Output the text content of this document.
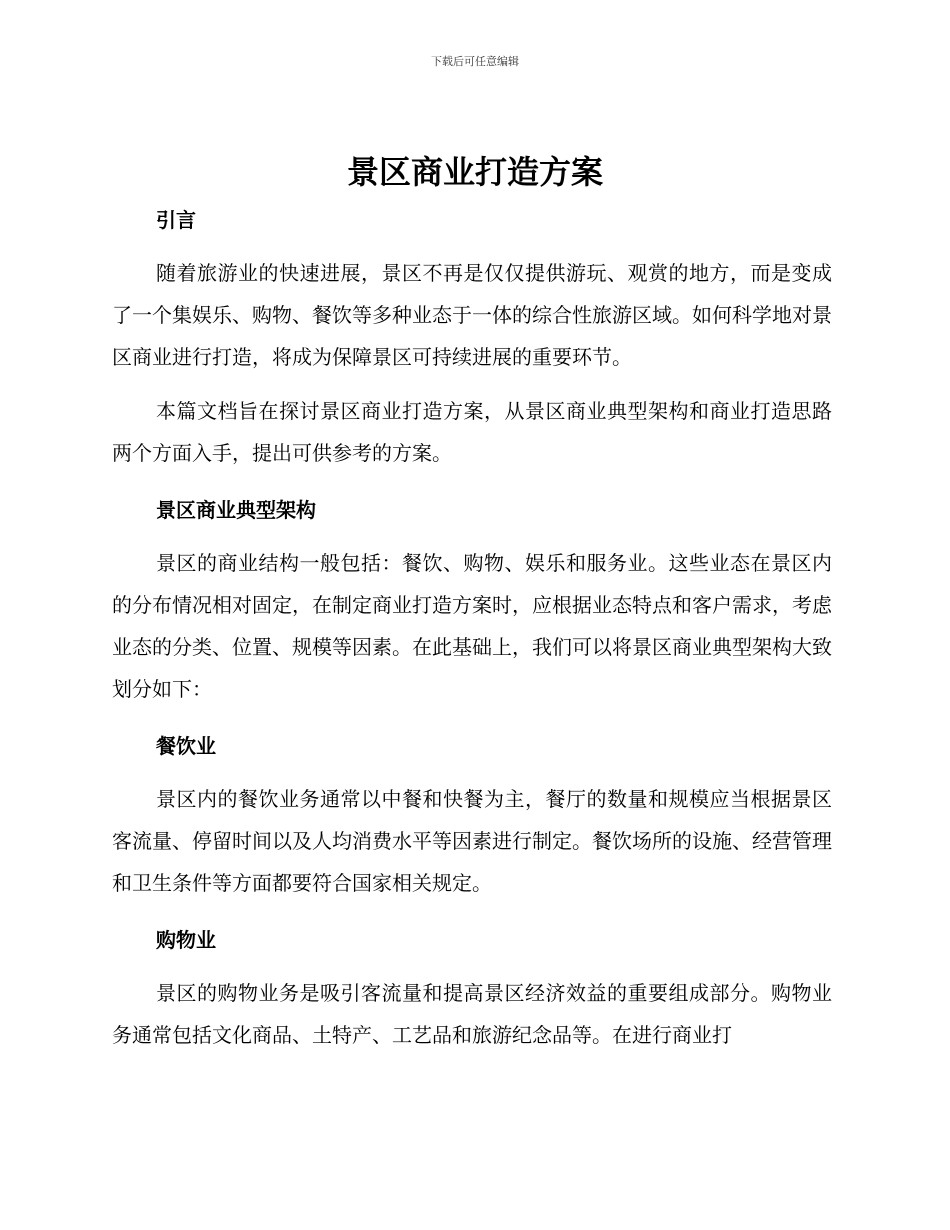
下载后可任意编辑
景区商业打造方案
引言

随着旅游业的快速进展，景区不再是仅仅提供游玩、观赏的地方，而是变成了一个集娱乐、购物、餐饮等多种业态于一体的综合性旅游区域。如何科学地对景区商业进行打造，将成为保障景区可持续进展的重要环节。

本篇文档旨在探讨景区商业打造方案，从景区商业典型架构和商业打造思路两个方面入手，提出可供参考的方案。

景区商业典型架构

景区的商业结构一般包括：餐饮、购物、娱乐和服务业。这些业态在景区内的分布情况相对固定，在制定商业打造方案时，应根据业态特点和客户需求，考虑业态的分类、位置、规模等因素。在此基础上，我们可以将景区商业典型架构大致划分如下：

餐饮业

景区内的餐饮业务通常以中餐和快餐为主，餐厅的数量和规模应当根据景区客流量、停留时间以及人均消费水平等因素进行制定。餐饮场所的设施、经营管理和卫生条件等方面都要符合国家相关规定。

购物业

景区的购物业务是吸引客流量和提高景区经济效益的重要组成部分。购物业务通常包括文化商品、土特产、工艺品和旅游纪念品等。在进行商业打
